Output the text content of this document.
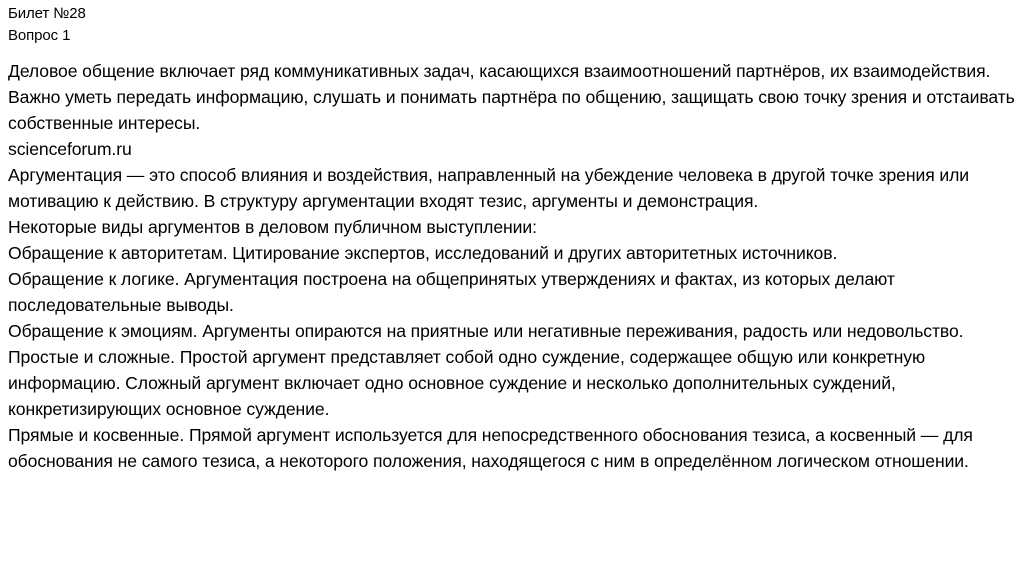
Билет №28
Вопрос 1

Деловое общение включает ряд коммуникативных задач, касающихся взаимоотношений партнёров, их взаимодействия. Важно уметь передать информацию, слушать и понимать партнёра по общению, защищать свою точку зрения и отстаивать собственные интересы.

scienceforum.ru

Аргументация — это способ влияния и воздействия, направленный на убеждение человека в другой точке зрения или мотивацию к действию. В структуру аргументации входят тезис, аргументы и демонстрация.

Некоторые виды аргументов в деловом публичном выступлении:

Обращение к авторитетам. Цитирование экспертов, исследований и других авторитетных источников.

Обращение к логике. Аргументация построена на общепринятых утверждениях и фактах, из которых делают последовательные выводы.

Обращение к эмоциям. Аргументы опираются на приятные или негативные переживания, радость или недовольство.

Простые и сложные. Простой аргумент представляет собой одно суждение, содержащее общую или конкретную информацию. Сложный аргумент включает одно основное суждение и несколько дополнительных суждений, конкретизирующих основное суждение.

Прямые и косвенные. Прямой аргумент используется для непосредственного обоснования тезиса, а косвенный — для обоснования не самого тезиса, а некоторого положения, находящегося с ним в определённом логическом отношении.
